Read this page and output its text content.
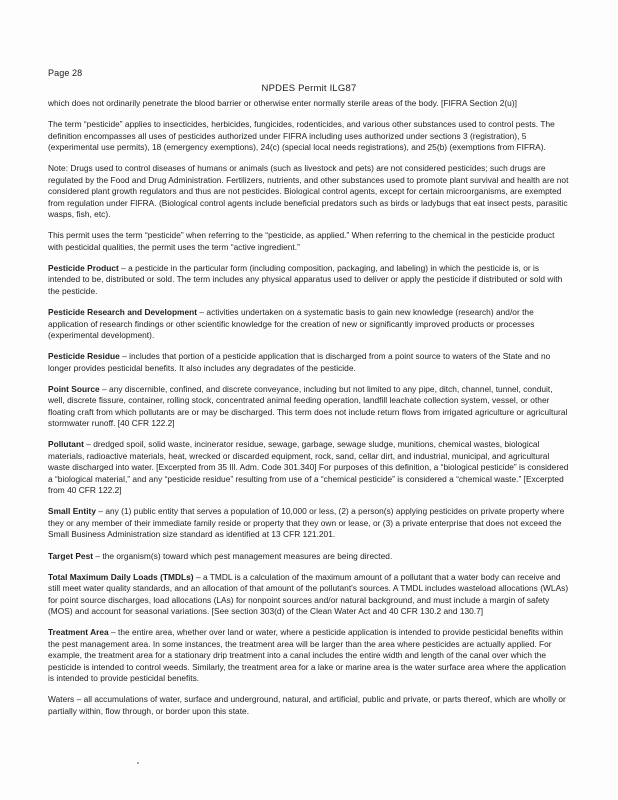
Page 28
NPDES Permit ILG87

which does not ordinarily penetrate the blood barrier or otherwise enter normally sterile areas of the body. [FIFRA Section 2(u)]

The term “pesticide” applies to insecticides, herbicides, fungicides, rodenticides, and various other substances used to control pests. The definition encompasses all uses of pesticides authorized under FIFRA including uses authorized under sections 3 (registration), 5 (experimental use permits), 18 (emergency exemptions), 24(c) (special local needs registrations), and 25(b) (exemptions from FIFRA).

Note: Drugs used to control diseases of humans or animals (such as livestock and pets) are not considered pesticides; such drugs are regulated by the Food and Drug Administration. Fertilizers, nutrients, and other substances used to promote plant survival and health are not considered plant growth regulators and thus are not pesticides. Biological control agents, except for certain microorganisms, are exempted from regulation under FIFRA. (Biological control agents include beneficial predators such as birds or ladybugs that eat insect pests, parasitic wasps, fish, etc).

This permit uses the term “pesticide” when referring to the “pesticide, as applied.” When referring to the chemical in the pesticide product with pesticidal qualities, the permit uses the term “active ingredient.”

Pesticide Product – a pesticide in the particular form (including composition, packaging, and labeling) in which the pesticide is, or is intended to be, distributed or sold. The term includes any physical apparatus used to deliver or apply the pesticide if distributed or sold with the pesticide.

Pesticide Research and Development – activities undertaken on a systematic basis to gain new knowledge (research) and/or the application of research findings or other scientific knowledge for the creation of new or significantly improved products or processes (experimental development).

Pesticide Residue – includes that portion of a pesticide application that is discharged from a point source to waters of the State and no longer provides pesticidal benefits. It also includes any degradates of the pesticide.

Point Source – any discernible, confined, and discrete conveyance, including but not limited to any pipe, ditch, channel, tunnel, conduit, well, discrete fissure, container, rolling stock, concentrated animal feeding operation, landfill leachate collection system, vessel, or other floating craft from which pollutants are or may be discharged. This term does not include return flows from irrigated agriculture or agricultural stormwater runoff. [40 CFR 122.2]

Pollutant – dredged spoil, solid waste, incinerator residue, sewage, garbage, sewage sludge, munitions, chemical wastes, biological materials, radioactive materials, heat, wrecked or discarded equipment, rock, sand, cellar dirt, and industrial, municipal, and agricultural waste discharged into water. [Excerpted from 35 Ill. Adm. Code 301.340] For purposes of this definition, a “biological pesticide” is considered a “biological material,” and any “pesticide residue” resulting from use of a “chemical pesticide” is considered a “chemical waste.” [Excerpted from 40 CFR 122.2]

Small Entity – any (1) public entity that serves a population of 10,000 or less, (2) a person(s) applying pesticides on private property where they or any member of their immediate family reside or property that they own or lease, or (3) a private enterprise that does not exceed the Small Business Administration size standard as identified at 13 CFR 121.201.

Target Pest – the organism(s) toward which pest management measures are being directed.

Total Maximum Daily Loads (TMDLs) – a TMDL is a calculation of the maximum amount of a pollutant that a water body can receive and still meet water quality standards, and an allocation of that amount of the pollutant's sources. A TMDL includes wasteload allocations (WLAs) for point source discharges, load allocations (LAs) for nonpoint sources and/or natural background, and must include a margin of safety (MOS) and account for seasonal variations. [See section 303(d) of the Clean Water Act and 40 CFR 130.2 and 130.7]

Treatment Area – the entire area, whether over land or water, where a pesticide application is intended to provide pesticidal benefits within the pest management area. In some instances, the treatment area will be larger than the area where pesticides are actually applied. For example, the treatment area for a stationary drip treatment into a canal includes the entire width and length of the canal over which the pesticide is intended to control weeds. Similarly, the treatment area for a lake or marine area is the water surface area where the application is intended to provide pesticidal benefits.

Waters – all accumulations of water, surface and underground, natural, and artificial, public and private, or parts thereof, which are wholly or partially within, flow through, or border upon this state.
